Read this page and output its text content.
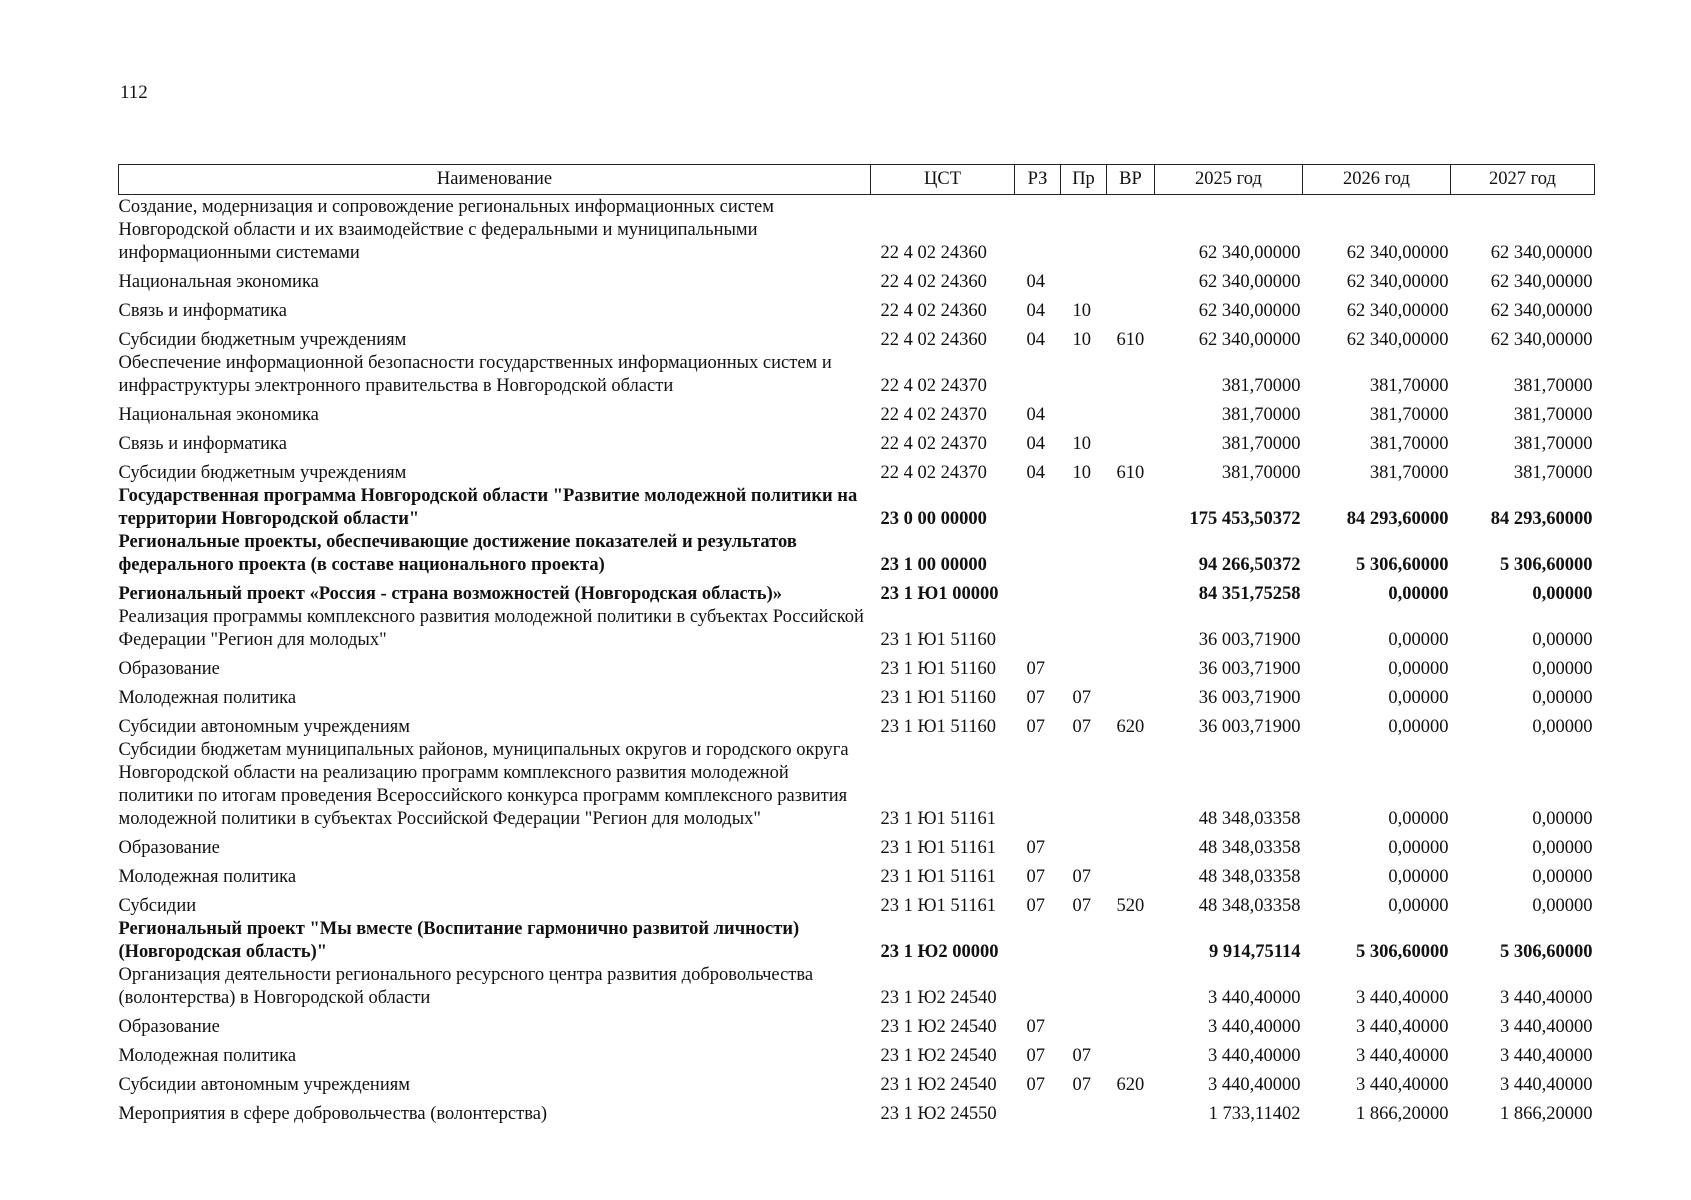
112
Наименование	ЦСТ	РЗ	Пр	ВР	2025 год	2026 год	2027 год
Создание, модернизация и сопровождение региональных информационных систем Новгородской области и их взаимодействие с федеральными и муниципальными информационными системами	22 4 02 24360				62 340,00000	62 340,00000	62 340,00000
Национальная экономика	22 4 02 24360	04			62 340,00000	62 340,00000	62 340,00000
Связь и информатика	22 4 02 24360	04	10		62 340,00000	62 340,00000	62 340,00000
Субсидии бюджетным учреждениям	22 4 02 24360	04	10	610	62 340,00000	62 340,00000	62 340,00000
Обеспечение информационной безопасности государственных информационных систем и инфраструктуры электронного правительства в Новгородской области	22 4 02 24370				381,70000	381,70000	381,70000
Национальная экономика	22 4 02 24370	04			381,70000	381,70000	381,70000
Связь и информатика	22 4 02 24370	04	10		381,70000	381,70000	381,70000
Субсидии бюджетным учреждениям	22 4 02 24370	04	10	610	381,70000	381,70000	381,70000
Государственная программа Новгородской области "Развитие молодежной политики на территории Новгородской области"	23 0 00 00000				175 453,50372	84 293,60000	84 293,60000
Региональные проекты, обеспечивающие достижение показателей и результатов федерального проекта (в составе национального проекта)	23 1 00 00000				94 266,50372	5 306,60000	5 306,60000
Региональный проект «Россия - страна возможностей (Новгородская область)»	23 1 Ю1 00000				84 351,75258	0,00000	0,00000
Реализация программы комплексного развития молодежной политики в субъектах Российской Федерации "Регион для молодых"	23 1 Ю1 51160				36 003,71900	0,00000	0,00000
Образование	23 1 Ю1 51160	07			36 003,71900	0,00000	0,00000
Молодежная политика	23 1 Ю1 51160	07	07		36 003,71900	0,00000	0,00000
Субсидии автономным учреждениям	23 1 Ю1 51160	07	07	620	36 003,71900	0,00000	0,00000
Субсидии бюджетам муниципальных районов, муниципальных округов и городского округа Новгородской области на реализацию программ комплексного развития молодежной политики по итогам проведения Всероссийского конкурса программ комплексного развития молодежной политики в субъектах Российской Федерации "Регион для молодых"	23 1 Ю1 51161				48 348,03358	0,00000	0,00000
Образование	23 1 Ю1 51161	07			48 348,03358	0,00000	0,00000
Молодежная политика	23 1 Ю1 51161	07	07		48 348,03358	0,00000	0,00000
Субсидии	23 1 Ю1 51161	07	07	520	48 348,03358	0,00000	0,00000
Региональный проект "Мы вместе (Воспитание гармонично развитой личности) (Новгородская область)"	23 1 Ю2 00000				9 914,75114	5 306,60000	5 306,60000
Организация деятельности регионального ресурсного центра развития добровольчества (волонтерства) в Новгородской области	23 1 Ю2 24540				3 440,40000	3 440,40000	3 440,40000
Образование	23 1 Ю2 24540	07			3 440,40000	3 440,40000	3 440,40000
Молодежная политика	23 1 Ю2 24540	07	07		3 440,40000	3 440,40000	3 440,40000
Субсидии автономным учреждениям	23 1 Ю2 24540	07	07	620	3 440,40000	3 440,40000	3 440,40000
Мероприятия в сфере добровольчества (волонтерства)	23 1 Ю2 24550				1 733,11402	1 866,20000	1 866,20000
